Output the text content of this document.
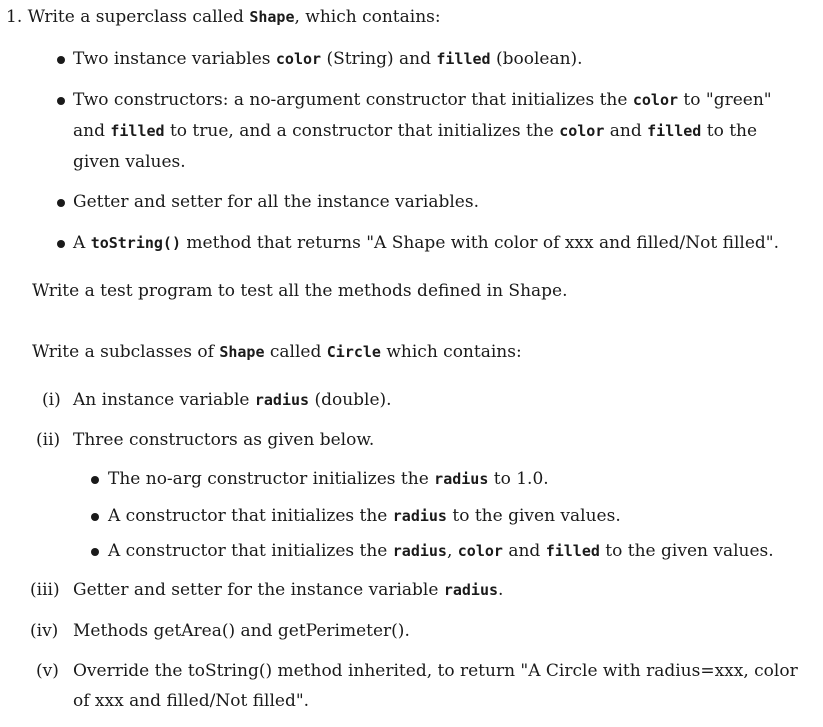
1. Write a superclass called Shape, which contains:
Two instance variables color (String) and filled (boolean).
Two constructors: a no-argument constructor that initializes the color to "green"
and filled to true, and a constructor that initializes the color and filled to the
given values.
Getter and setter for all the instance variables.
A toString() method that returns "A Shape with color of xxx and filled/Not filled".
Write a test program to test all the methods defined in Shape.
Write a subclasses of Shape called Circle which contains:
(i) An instance variable radius (double).
(ii) Three constructors as given below.
The no-arg constructor initializes the radius to 1.0.
A constructor that initializes the radius to the given values.
A constructor that initializes the radius, color and filled to the given values.
(iii) Getter and setter for the instance variable radius.
(iv) Methods getArea() and getPerimeter().
(v) Override the toString() method inherited, to return "A Circle with radius=xxx, color
of xxx and filled/Not filled".
